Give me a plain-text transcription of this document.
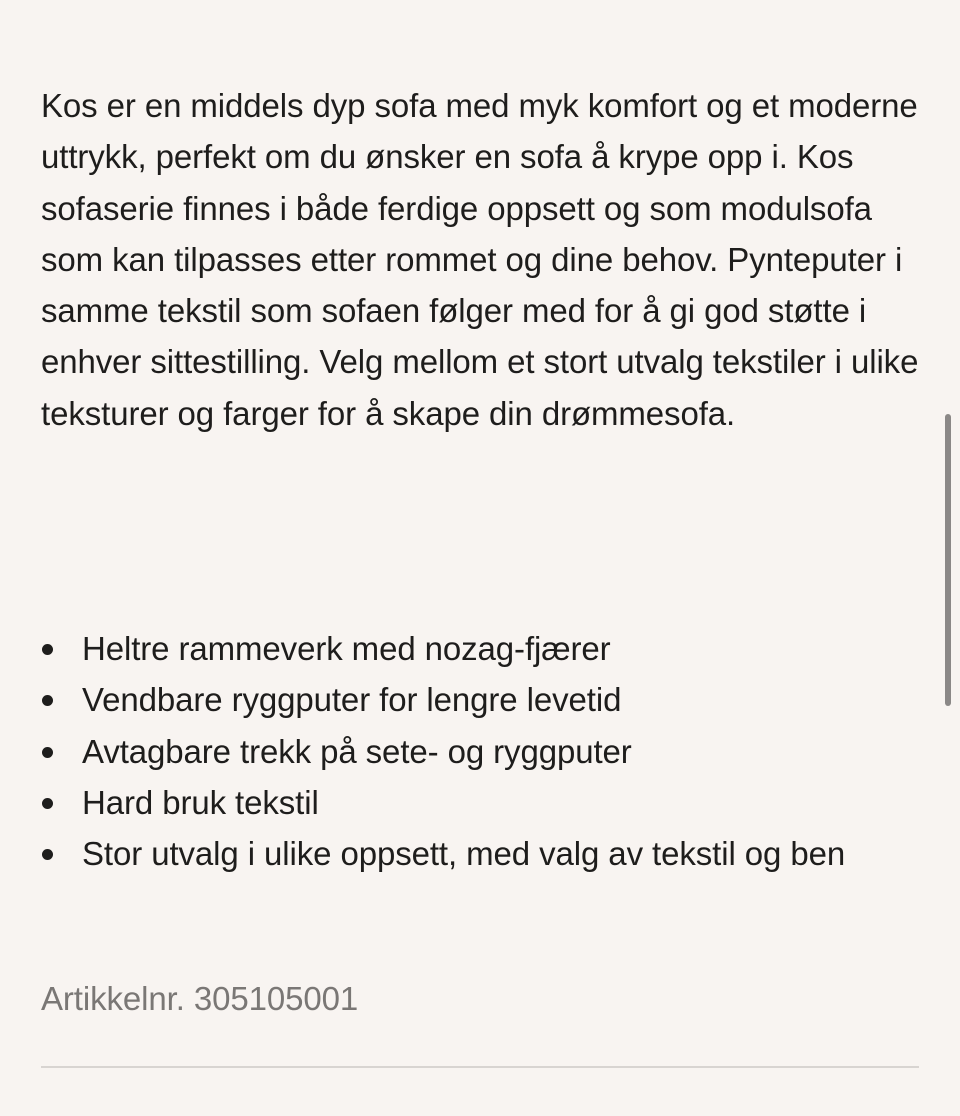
Kos er en middels dyp sofa med myk komfort og et moderne uttrykk, perfekt om du ønsker en sofa å krype opp i. Kos sofaserie finnes i både ferdige oppsett og som modulsofa som kan tilpasses etter rommet og dine behov. Pynteputer i samme tekstil som sofaen følger med for å gi god støtte i enhver sittestilling. Velg mellom et stort utvalg tekstiler i ulike teksturer og farger for å skape din drømmesofa.

Heltre rammeverk med nozag-fjærer
Vendbare ryggputer for lengre levetid
Avtagbare trekk på sete- og ryggputer
Hard bruk tekstil
Stor utvalg i ulike oppsett, med valg av tekstil og ben
Artikkelnr. 305105001
